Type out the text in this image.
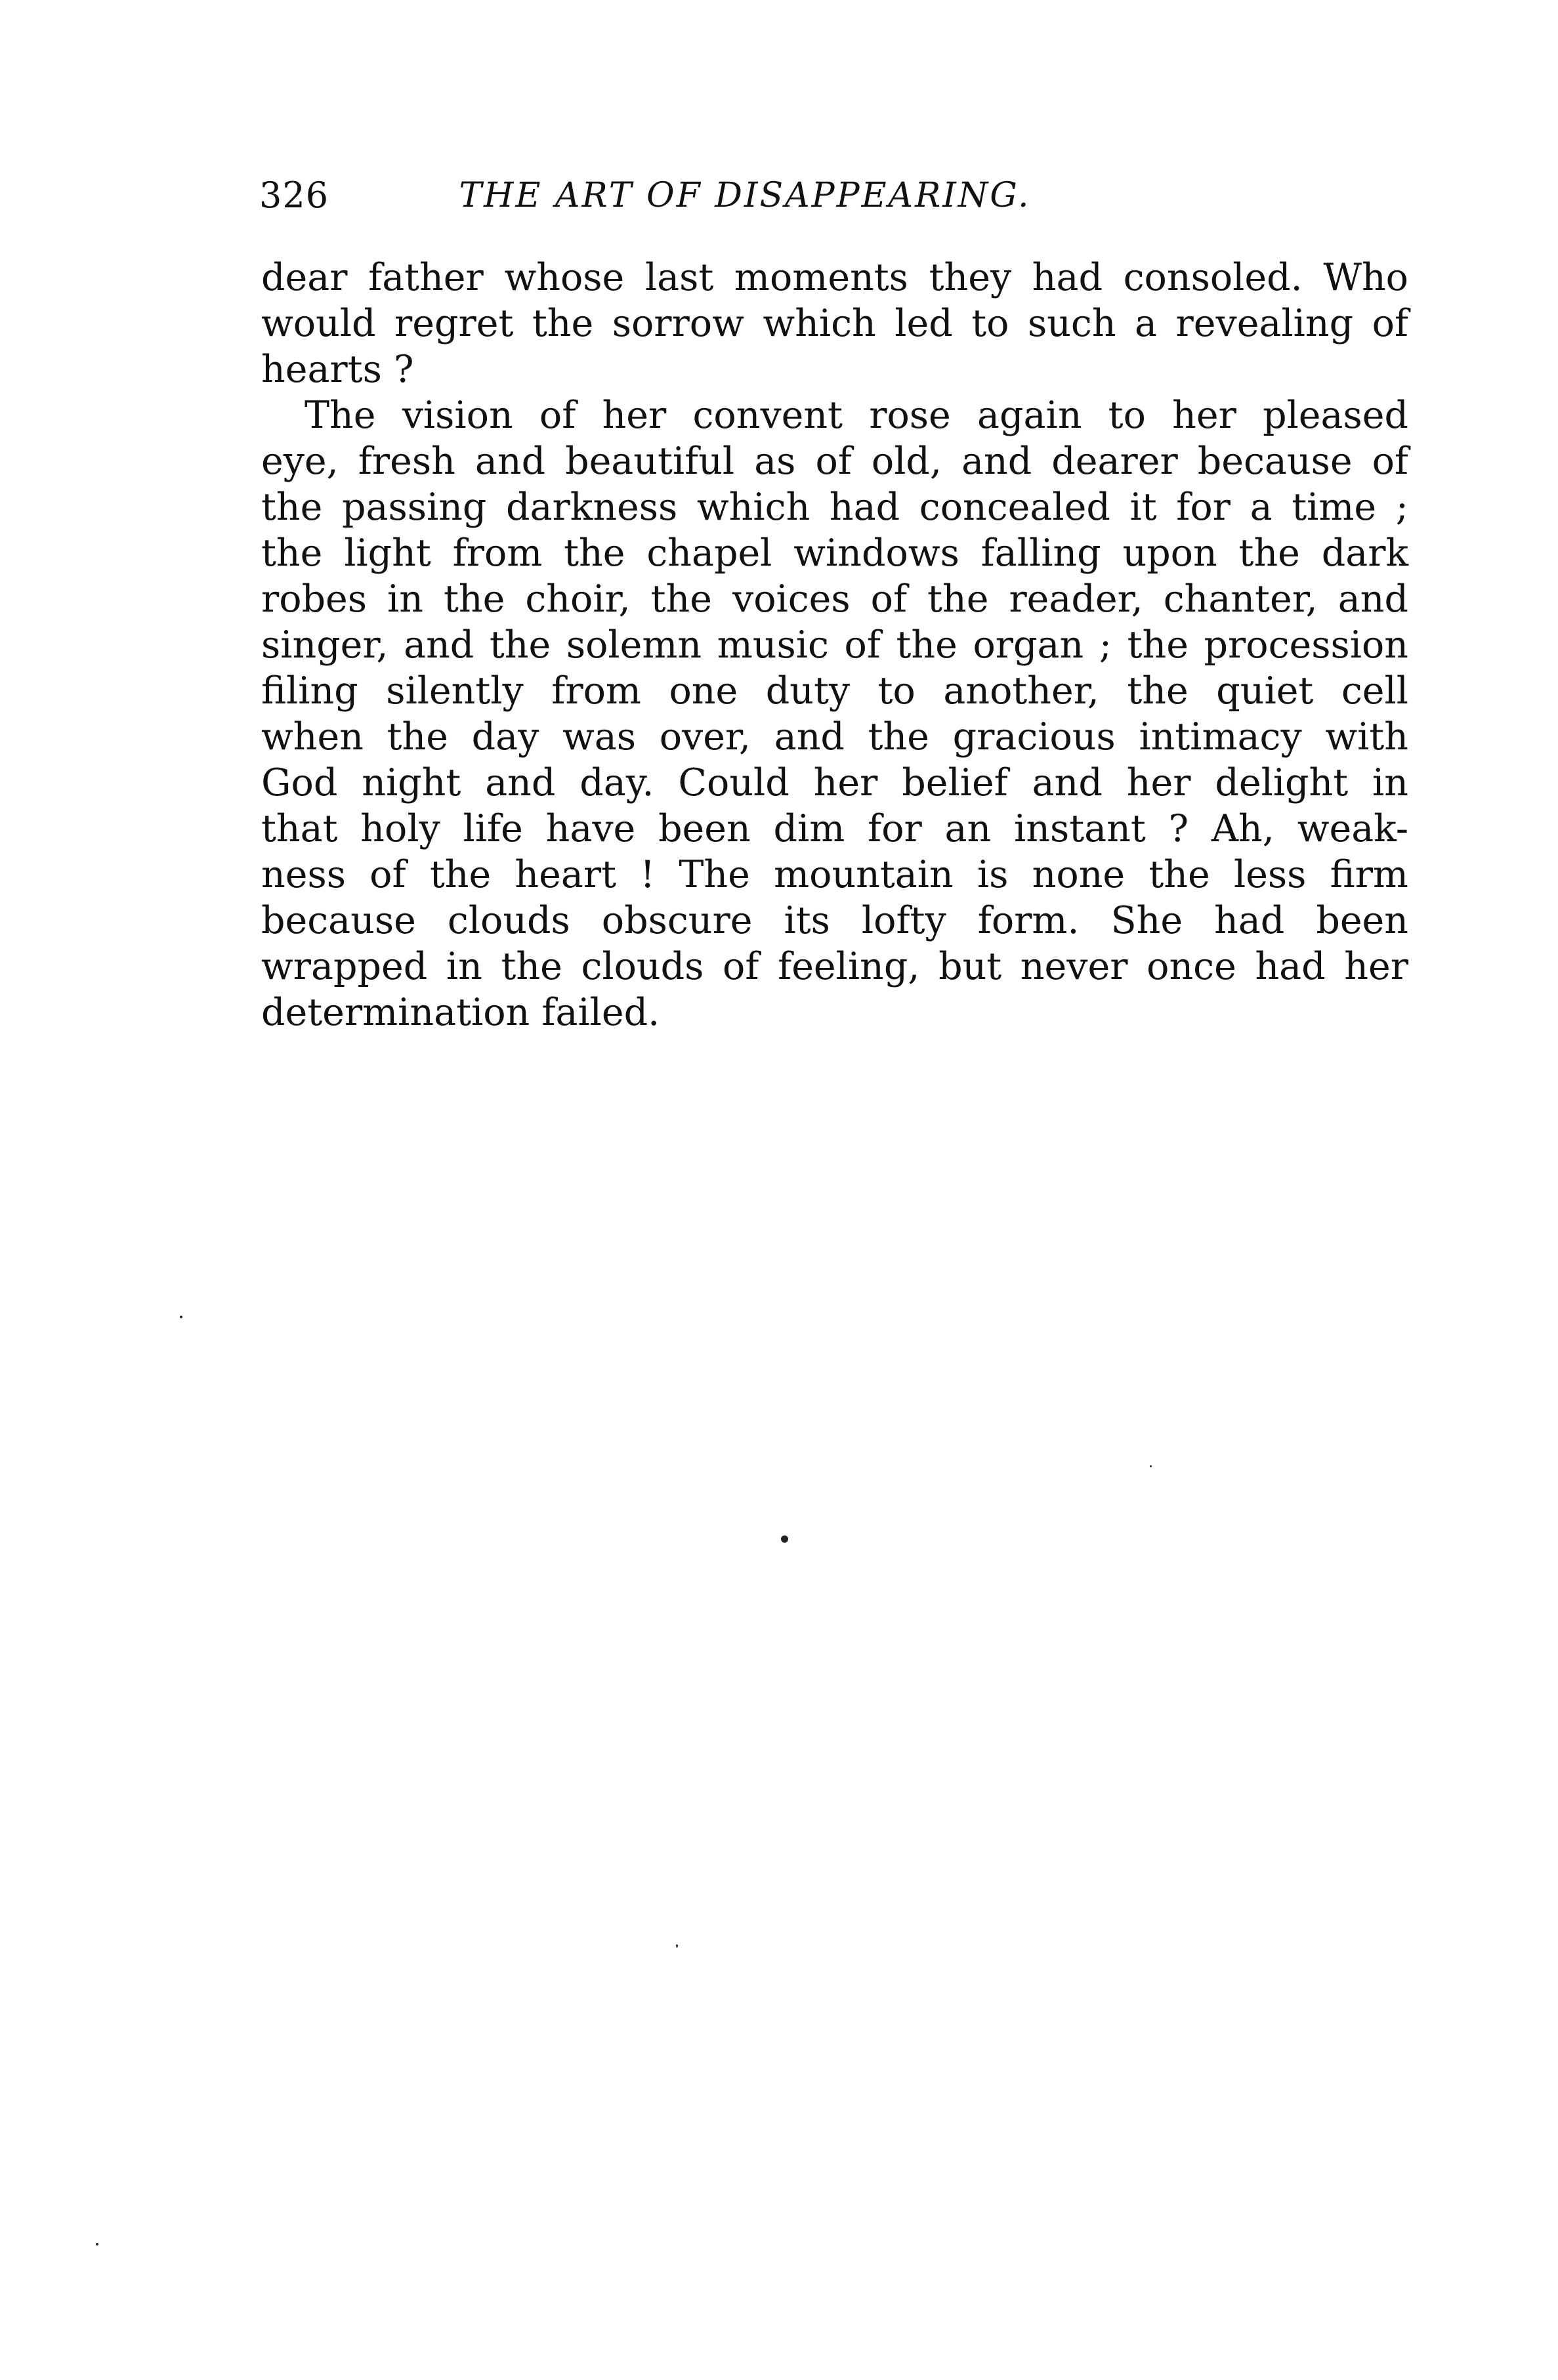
326	THE ART OF DISAPPEARING.
dear father whose last moments they had consoled. Who
would regret the sorrow which led to such a revealing of
hearts ?
The vision of her convent rose again to her pleased
eye, fresh and beautiful as of old, and dearer because of
the passing darkness which had concealed it for a time ;
the light from the chapel windows falling upon the dark
robes in the choir, the voices of the reader, chanter, and
singer, and the solemn music of the organ ; the procession
filing silently from one duty to another, the quiet cell
when the day was over, and the gracious intimacy with
God night and day. Could her belief and her delight in
that holy life have been dim for an instant ? Ah, weak-
ness of the heart ! The mountain is none the less firm
because clouds obscure its lofty form. She had been
wrapped in the clouds of feeling, but never once had her
determination failed.
